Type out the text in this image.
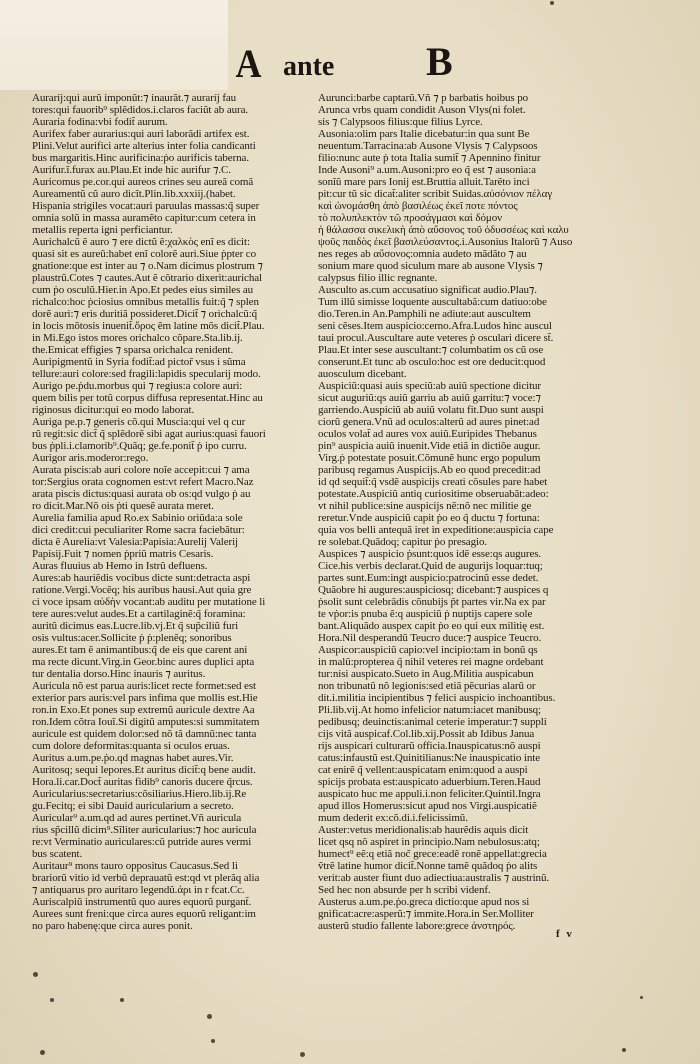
A ante B
Auraríj:qui aurũ imponũt:⁊ inaurãt.⁊ auraríj fau
tores:qui fauorib⁹ splẽdidos.i.claros faciũt ab aura.
Auraria fodina:vbi fodit̃ aurum.
Aurifex faber aurarius:qui auri laborãdi artifex est.
Plini.Velut aurifici arte alterius inter folia candicanti
bus margaritis.Hinc aurificina:ṗo aurificis taberna.
Aurifur.ĩ.furax au.Plau.Et inde hic aurifur ⁊.C.
Auricomus pe.cor.qui aureos crines seu aureã comã
Aureamentũ cũ auro dicĩt.Plin.lib.xxxiij.(habet.
Hispania strigiles vocat:auri paruulas massas:q̃ super
omnia solũ in massa auramẽto capitur:cum cetera in
metallis reperta igni perficiantur.
Aurichalcũ ẽ auro ⁊ ere dictũ ẽ:χαλκὸς enĩ es dicit:
quasi sit es aureũ:habet enĩ colorẽ auri.Siue ṗpter co
gnatione:que est inter au ⁊ o.Nam dicimus plostrum ⁊
plaustrũ.Cotes ⁊ cautes.Aut ẽ cõtrario dixerit:aurichal
cum ṗo osculũ.Hier.in Apo.Et pedes eius similes au
richalco:hoc ṗciosius omnibus metallis fuit:q̃ ⁊ splen
dorẽ auri:⁊ eris duritiã possideret.Dicit̃ ⁊ orichalcũ:q̃
in locis mõtosis inuenit̃.ὄρος ẽm latine mõs dicit̃.Plau.
in Mi.Ego istos mores orichalco cõpare.Sta.lib.ij.
the.Emicat effigies ⁊ sparsa orichalca renident.
Auripigmentũ in Syria fodit̃:ad pictor̃ vsus i sũma
tellure:auri colore:sed fragili:lapidis specularij modo.
Aurigo pe.ṗdu.morbus qui ⁊ regius:a colore auri:
quem bilis per totũ corpus diffusa representat.Hinc au
riginosus dicitur:qui eo modo laborat.
Auriga pe.p.⁊ generis cõ.qui Muscia:qui vel q cur
rũ regit:sic dict̃ q̃ splẽdorẽ sibi agat aurius:quasi fauori
bus ṗpli.i.clamorib⁹.Quãq; ge.fe.ponit̃ ṗ ipo curru.
Aurigor aris.moderor:rego.
Aurata piscis:ab auri colore noĩe accepit:cui ⁊ ama
tor:Sergius orata cognomen est:vt refert Macro.Naz
arata piscis dictus:quasi aurata ob os:qd vulgo ṗ au
ro dicit.Mar.Nõ ois ṗti quesẽ aurata meret.
Aurelia familia apud Ro.ex Sabinio oriũda:a sole
dici credit:cui peculiariter Rome sacra faciebãtur:
dicta ẽ Aurelia:vt Valesia:Papisia:Aurelij Valerij
Papisij.Fuit ⁊ nomen ṗpriũ matris Cesaris.
Auras fluuius ab Hemo in Istrũ defluens.
Aures:ab hauriẽdis vocibus dicte sunt:detracta aspi
ratione.Vergi.Vocẽq; his auribus hausi.Aut quia gre
ci voce ipsam αὐδὴν vocant:ab auditu per mutatione li
tere aures:velut audes.Et a cartilaginẽ:q̃ foramina:
auritũ dicimus eas.Lucre.lib.vj.Et q̃ sup̃ciliũ furi
osis vultus:acer.Sollicite ṗ ṗ:plenẽq; sonoribus
aures.Et tam ẽ animantibus:q̃ de eis que carent ani
ma recte dicunt.Virg.in Geor.binc aures duplici apta
tur dentalia dorso.Hinc inauris ⁊ auritus.
Auricula nõ est parua auris:licet recte formet:sed est
exterior pars auris:vel pars infima que mollis est.Hie
ron.in Exo.Et pones sup extremũ auricule dextre Aa
ron.Idem cõtra Iouĩ.Si digitũ amputes:si summitatem
auricule est quidem dolor:sed nõ tã damnũ:nec tanta
cum dolore deformitas:quanta si oculos eruas.
Auritus a.um.pe.ṗo.qd magnas habet aures.Vir.
Auritosq; sequi lepores.Et auritus dicit̃:q bene audit.
Hora.li.car.Doct̃ auritas fidib⁹ canoris ducere q̃rcus.
Auricularius:secretarius:cõsiliarius.Hiero.lib.ij.Re
gu.Fecitq; ei sibi Dauid auricularium a secreto.
Auricular⁹ a.um.qd ad aures pertinet.Vñ auricula
rius sp̃cillũ dicim⁹.Sĩliter auricularius:⁊ hoc auricula
re:vt Verminatio auriculares:cũ putride aures vermi
bus scatent.
Auritaur⁹ mons tauro oppositus Caucasus.Sed li
brariorũ vitio id verbũ deprauatũ est:qd vt plerãq alia
⁊ antiquarus pro auritaro legendũ.ἀρι in r fcat.Cc.
Auriscalpiũ instrumentũ quo aures equorũ purgant̃.
Aurees sunt freni:que circa aures equorũ religant:im
no paro habenę:que circa aures ponit.
Aurunci:barbe captarũ.Vñ ⁊ p barbatis hoibus po
Arunca vrbs quam condidit Auson Vlys(ni folet.
sis ⁊ Calypsoos filius:que filius Lyrce.
Ausonia:olim pars Italie dicebatur:in qua sunt Be
neuentum.Tarracina:ab Ausone Vlysis ⁊ Calypsoos
filio:nunc aute ṗ tota Italia sumit̃ ⁊ Apennino finitur
Inde Ausoni⁹ a.um.Ausoni:pro eo q̃ est ⁊ ausonia:a
sonĩũ mare pars Ionij est.Bruttia alluit.Tarẽto inci
pit:cur tũ sic dicat̃:aliter scribit Suidas.αὐσόνιον πέλαγ
καὶ ὠνομάσθη ἀπὸ βασιλέως ἐκεῖ ποτε πόντος
τὸ πολυπλεκτὸν τῶ προσάγμασι καὶ δόμον
ἡ θάλασσα σικελικὴ ἀπὸ αὔσονος τοῦ ὀδυσσέως καὶ καλυ
ψοῦς παιδὸς ἐκεῖ βασιλεύσαντος.i.Ausonius Italorũ ⁊ Auso
nes reges ab αὔσονος:omnia audeto mãdãto ⁊ au
sonium mare quod siculum mare ab ausone Vlysis ⁊
calypsus filio illic regnante.
Ausculto as.cum accusatiuo significat audio.Plau⁊.
Tum illũ simisse loquente auscultabã:cum datiuo:obe
dio.Teren.in An.Pamphili ne adiute:aut auscultem
seni cẽses.Item auspicio:cerno.Afra.Ludos hinc auscul
taui procul.Auscultare aute veteres ṗ osculari dicere st̃.
Plau.Et inter sese auscultant:⁊ columbatim os cũ ose
conserunt.Et tunc ab osculo:hoc est ore deducit:quod
auosculum dicebant.
Auspiciũ:quasi auis speciũ:ab auiũ spectione dicitur
sicut auguriũ:qs auiũ garriu ab auiũ garritu:⁊ voce:⁊
garriendo.Auspiciũ ab auiũ volatu fit.Duo sunt auspi
ciorũ genera.Vnũ ad oculos:alterũ ad aures pinet:ad
oculos volat̃ ad aures vox auiũ.Euripides Thebanus
pin⁹ auspicia auiũ inuenit.Vide etiã in dictiõe augur.
Virg.ṗ potestate posuit.Cõmunẽ hunc ergo populum
paribusq regamus Auspicijs.Ab eo quod precedit:ad
id qd sequit̃:q̃ vsdẽ auspicijs creati cõsules pare habet
potestate.Auspiciũ antiq curiositime obseruabãt:adeo:
vt nihil publice:sine auspicijs nẽ:nõ nec militie ge
reretur.Vnde auspiciũ capit ṗo eo q̃ ductu ⁊ fortuna:
quia vos belli antequã iret in expeditione:auspicia cape
re solebat.Quãdoq; capitur ṗo presagio.
Auspices ⁊ auspicio ṗsunt:quos idẽ esse:qs augures.
Cice.his verbis declarat.Quid de augurijs loquar:tuq;
partes sunt.Eum:ingt auspicio:patrocinũ esse dedet.
Quãobre hi augures:auspiciosq; dicebant:⁊ auspices q
ṗsolit sunt celebrãdis cõnubijs p̃t partes vir.Na ex par
te vṗor:is pnuba ẽ:q auspiciũ ṗ nuptijs capere sole
bant.Aliquãdo auspex capit ṗo eo qui eux militię est.
Hora.Nil desperandũ Teucro duce:⁊ auspice Teucro.
Auspicor:auspiciũ capio:vel incipio:tam in bonũ qs
in malũ:propterea q̃ nihil veteres rei magne ordebant
tur:nisi auspicato.Sueto in Aug.Militia auspicabun
non tribunatũ nõ legionis:sed etiã pẽcurias alarũ or
dit.i.militia incipientibus ⁊ felici auspicio inchoantibus.
Pli.lib.vij.At homo infelicior natum:iacet manibusq;
pedibusq; deuinctis:animal ceterie imperatur:⁊ suppli
cijs vitã auspicaf.Col.lib.xij.Possit ab Idibus Janua
rijs auspicari culturarũ officia.Inauspicatus:nõ auspi
catus:infaustũ est.Quinitilianus:Ne inauspicatio inte
cat enirẽ q̃ vellent:auspicatam enim:quod a auspi
spicijs probata est:auspicato aduerbium.Teren.Haud
auspicato huc me appuli.i.non feliciter.Quintil.Ingra
apud illos Homerus:sicut apud nos Virgi.auspicatiẽ
mum dederit ex:cõ.di.i.felicissimũ.
Auster:vetus meridionalis:ab haurẽdis aquis dicit
licet qsq nõ aspiret in principio.Nam nebulosus:atq;
humect⁹ eẽ:q etiã noc̃ grece:eadẽ ronẽ appellat:grecia
ṽtrẽ latine humor dicit̃.Nonne tamẽ quãdoq ṗo alits
verit:ab auster fiunt duo adiectiua:australis ⁊ austrinũ.
Sed hec non absurde per h scribi videnf.
Austerus a.um.pe.ṗo.greca dictio:que apud nos si
gnificat:acre:asperũ:⁊ immite.Hora.in Ser.Molliter
austerũ studio fallente labore:grece ἀνστηρός.
f v
